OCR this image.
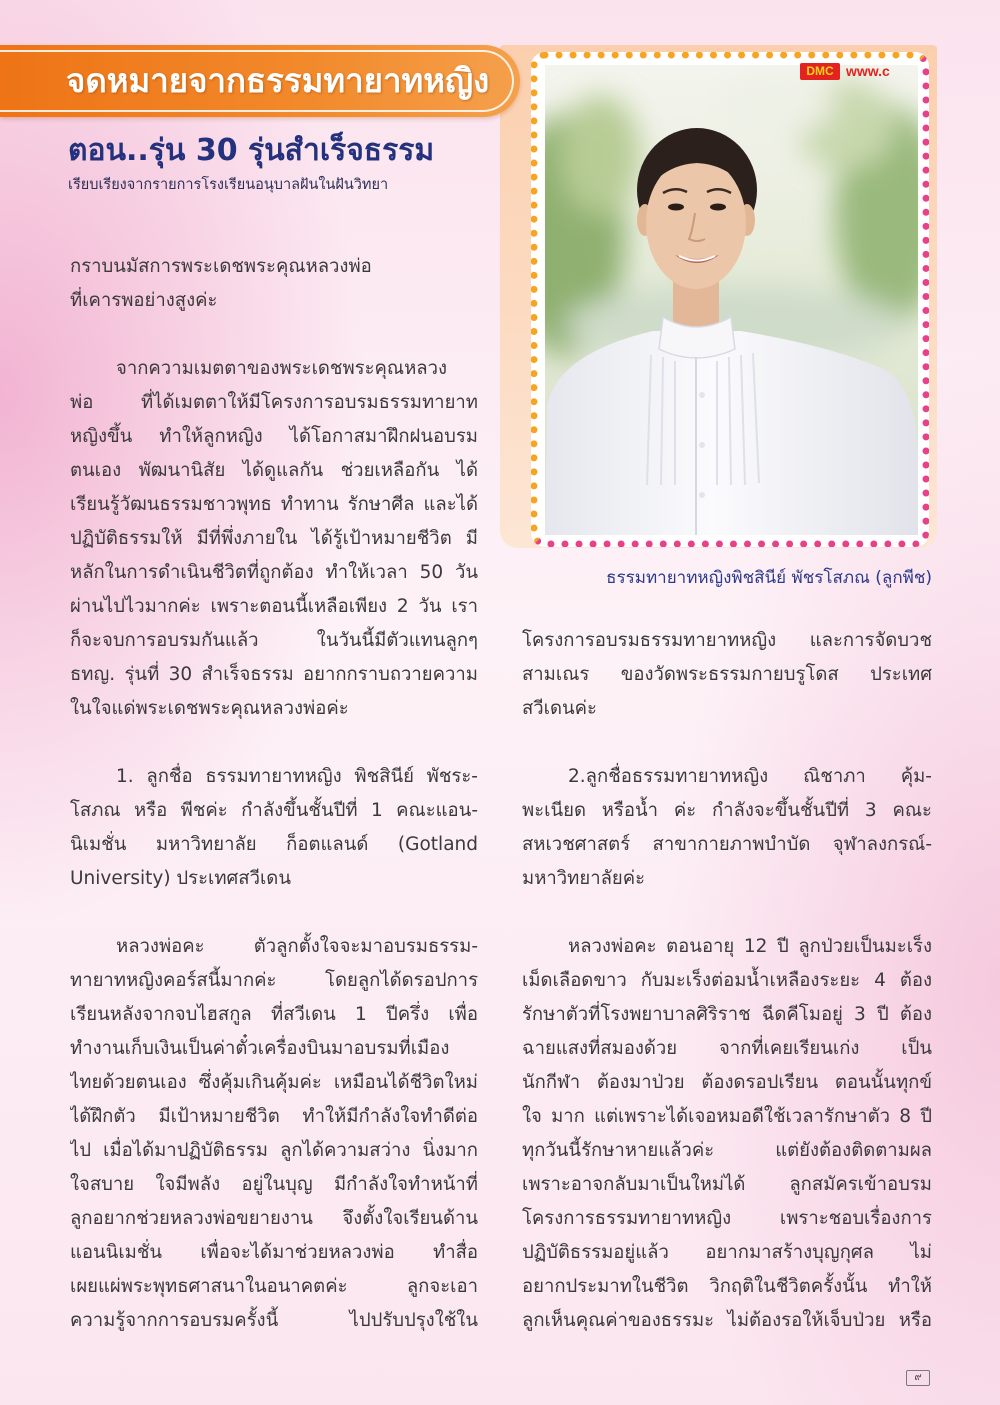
จดหมายจากธรรมทายาทหญิง
ตอน..รุ่น 30 รุ่นสำเร็จธรรม
เรียบเรียงจากรายการโรงเรียนอนุบาลฝันในฝันวิทยา
DMC www.c
ธรรมทายาทหญิงพิชสินีย์ พัชรโสภณ (ลูกพีช)
กราบนมัสการพระเดชพระคุณหลวงพ่อ
ที่เคารพอย่างสูงค่ะ
จากความเมตตาของพระเดชพระคุณหลวง
พ่อ ที่ได้เมตตาให้มีโครงการอบรมธรรมทายาท
หญิงขึ้น ทำให้ลูกหญิง ได้โอกาสมาฝึกฝนอบรม
ตนเอง พัฒนานิสัย ได้ดูแลกัน ช่วยเหลือกัน ได้
เรียนรู้วัฒนธรรมชาวพุทธ ทำทาน รักษาศีล และได้
ปฏิบัติธรรมให้ มีที่พึ่งภายใน ได้รู้เป้าหมายชีวิต มี
หลักในการดำเนินชีวิตที่ถูกต้อง ทำให้เวลา 50 วัน
ผ่านไปไวมากค่ะ เพราะตอนนี้เหลือเพียง 2 วัน เรา
ก็จะจบการอบรมกันแล้ว ในวันนี้มีตัวแทนลูกๆ
ธทญ. รุ่นที่ 30 สำเร็จธรรม อยากกราบถวายความ
ในใจแด่พระเดชพระคุณหลวงพ่อค่ะ
1. ลูกชื่อ ธรรมทายาทหญิง พิชสินีย์ พัชระ-
โสภณ หรือ พีชค่ะ กำลังขึ้นชั้นปีที่ 1 คณะแอน-
นิเมชั่น มหาวิทยาลัย ก็อตแลนด์ (Gotland
University) ประเทศสวีเดน
หลวงพ่อคะ ตัวลูกตั้งใจจะมาอบรมธรรม-
ทายาทหญิงคอร์สนี้มากค่ะ โดยลูกได้ดรอปการ
เรียนหลังจากจบไฮสกูล ที่สวีเดน 1 ปีครึ่ง เพื่อ
ทำงานเก็บเงินเป็นค่าตั๋วเครื่องบินมาอบรมที่เมือง
ไทยด้วยตนเอง ซึ่งคุ้มเกินคุ้มค่ะ เหมือนได้ชีวิตใหม่
ได้ฝึกตัว มีเป้าหมายชีวิต ทำให้มีกำลังใจทำดีต่อ
ไป เมื่อได้มาปฏิบัติธรรม ลูกได้ความสว่าง นิ่งมาก
ใจสบาย ใจมีพลัง อยู่ในบุญ มีกำลังใจทำหน้าที่
ลูกอยากช่วยหลวงพ่อขยายงาน จึงตั้งใจเรียนด้าน
แอนนิเมชั่น เพื่อจะได้มาช่วยหลวงพ่อ ทำสื่อ
เผยแผ่พระพุทธศาสนาในอนาคตค่ะ ลูกจะเอา
ความรู้จากการอบรมครั้งนี้ ไปปรับปรุงใช้ใน
โครงการอบรมธรรมทายาทหญิง และการจัดบวช
สามเณร ของวัดพระธรรมกายบรูโดส ประเทศ
สวีเดนค่ะ
2.ลูกชื่อธรรมทายาทหญิง ณิชาภา คุ้ม-
พะเนียด หรือน้ำ ค่ะ กำลังจะขึ้นชั้นปีที่ 3 คณะ
สหเวชศาสตร์ สาขากายภาพบำบัด จุฬาลงกรณ์-
มหาวิทยาลัยค่ะ
หลวงพ่อคะ ตอนอายุ 12 ปี ลูกป่วยเป็นมะเร็ง
เม็ดเลือดขาว กับมะเร็งต่อมน้ำเหลืองระยะ 4 ต้อง
รักษาตัวที่โรงพยาบาลศิริราช ฉีดคีโมอยู่ 3 ปี ต้อง
ฉายแสงที่สมองด้วย จากที่เคยเรียนเก่ง เป็น
นักกีฬา ต้องมาป่วย ต้องดรอปเรียน ตอนนั้นทุกข์
ใจ มาก แต่เพราะได้เจอหมอดีใช้เวลารักษาตัว 8 ปี
ทุกวันนี้รักษาหายแล้วค่ะ แต่ยังต้องติดตามผล
เพราะอาจกลับมาเป็นใหม่ได้ ลูกสมัครเข้าอบรม
โครงการธรรมทายาทหญิง เพราะชอบเรื่องการ
ปฏิบัติธรรมอยู่แล้ว อยากมาสร้างบุญกุศล ไม่
อยากประมาทในชีวิต วิกฤติในชีวิตครั้งนั้น ทำให้
ลูกเห็นคุณค่าของธรรมะ ไม่ต้องรอให้เจ็บป่วย หรือ
๙
